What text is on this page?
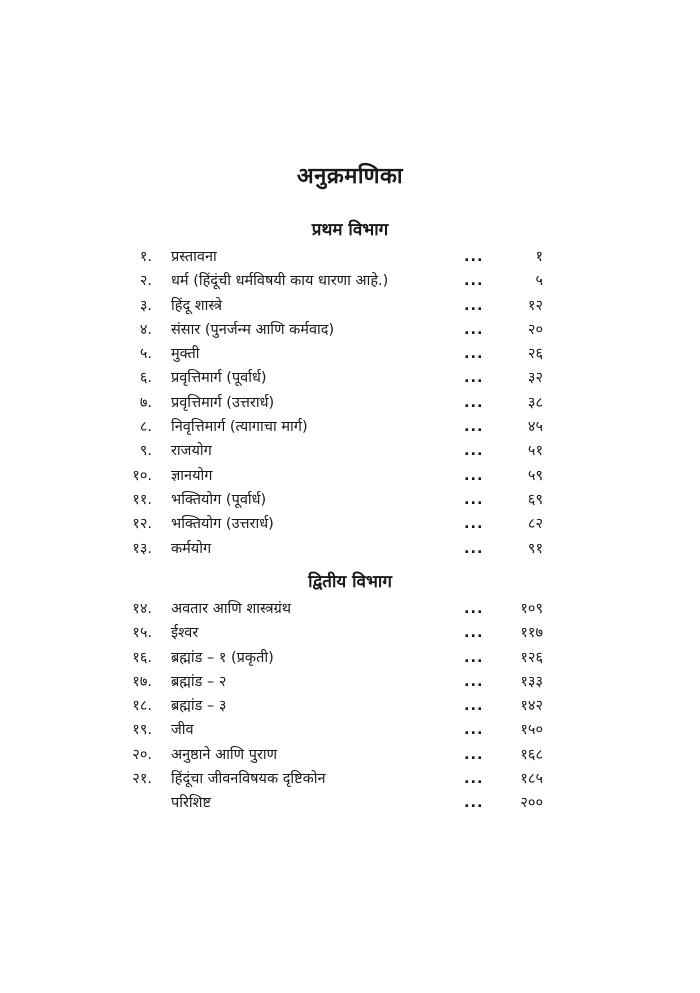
अनुक्रमणिका
प्रथम विभाग
१. प्रस्तावना	...	१
२. धर्म (हिंदूंची धर्मविषयी काय धारणा आहे.)	...	५
३. हिंदू शास्त्रे	...	१२
४. संसार (पुनर्जन्म आणि कर्मवाद)	...	२०
५. मुक्ती	...	२६
६. प्रवृत्तिमार्ग (पूर्वार्ध)	...	३२
७. प्रवृत्तिमार्ग (उत्तरार्ध)	...	३८
८. निवृत्तिमार्ग (त्यागाचा मार्ग)	...	४५
९. राजयोग	...	५१
१०. ज्ञानयोग	...	५९
११. भक्तियोग (पूर्वार्ध)	...	६९
१२. भक्तियोग (उत्तरार्ध)	...	८२
१३. कर्मयोग	...	९१
द्वितीय विभाग
१४. अवतार आणि शास्त्रग्रंथ	...	१०९
१५. ईश्वर	...	११७
१६. ब्रह्मांड – १ (प्रकृती)	...	१२६
१७. ब्रह्मांड – २	...	१३३
१८. ब्रह्मांड – ३	...	१४२
१९. जीव	...	१५०
२०. अनुष्ठाने आणि पुराण	...	१६८
२१. हिंदूंचा जीवनविषयक दृष्टिकोन	...	१८५
परिशिष्ट	...	२००
